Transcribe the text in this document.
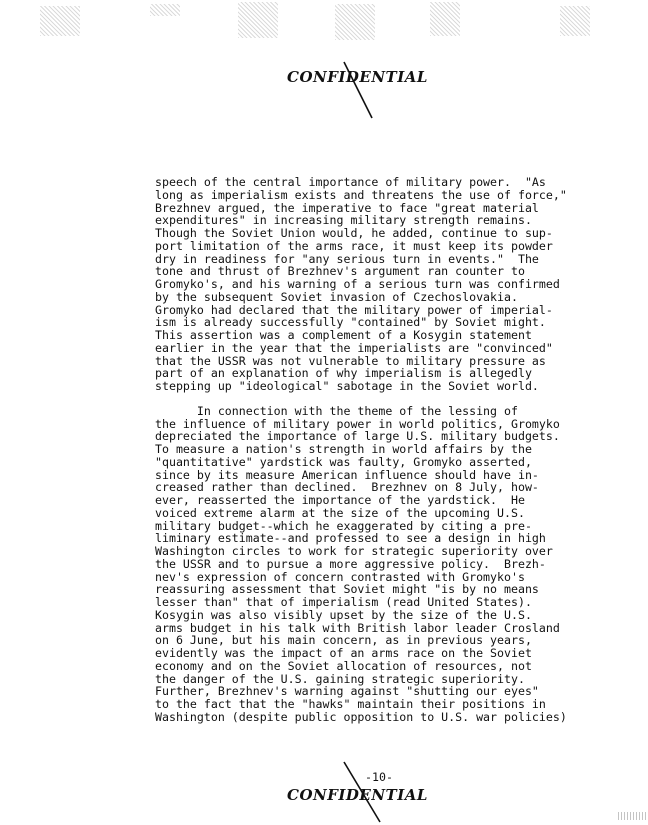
CONFIDENTIAL
speech of the central importance of military power.  "As
long as imperialism exists and threatens the use of force,"
Brezhnev argued, the imperative to face "great material
expenditures" in increasing military strength remains.
Though the Soviet Union would, he added, continue to sup-
port limitation of the arms race, it must keep its powder
dry in readiness for "any serious turn in events."  The
tone and thrust of Brezhnev's argument ran counter to
Gromyko's, and his warning of a serious turn was confirmed
by the subsequent Soviet invasion of Czechoslovakia.
Gromyko had declared that the military power of imperial-
ism is already successfully "contained" by Soviet might.
This assertion was a complement of a Kosygin statement
earlier in the year that the imperialists are "convinced"
that the USSR was not vulnerable to military pressure as
part of an explanation of why imperialism is allegedly
stepping up "ideological" sabotage in the Soviet world.
In connection with the theme of the lessing of
the influence of military power in world politics, Gromyko
depreciated the importance of large U.S. military budgets.
To measure a nation's strength in world affairs by the
"quantitative" yardstick was faulty, Gromyko asserted,
since by its measure American influence should have in-
creased rather than declined.  Brezhnev on 8 July, how-
ever, reasserted the importance of the yardstick.  He
voiced extreme alarm at the size of the upcoming U.S.
military budget--which he exaggerated by citing a pre-
liminary estimate--and professed to see a design in high
Washington circles to work for strategic superiority over
the USSR and to pursue a more aggressive policy.  Brezh-
nev's expression of concern contrasted with Gromyko's
reassuring assessment that Soviet might "is by no means
lesser than" that of imperialism (read United States).
Kosygin was also visibly upset by the size of the U.S.
arms budget in his talk with British labor leader Crosland
on 6 June, but his main concern, as in previous years,
evidently was the impact of an arms race on the Soviet
economy and on the Soviet allocation of resources, not
the danger of the U.S. gaining strategic superiority.
Further, Brezhnev's warning against "shutting our eyes"
to the fact that the "hawks" maintain their positions in
Washington (despite public opposition to U.S. war policies)
-10-
CONFIDENTIAL
